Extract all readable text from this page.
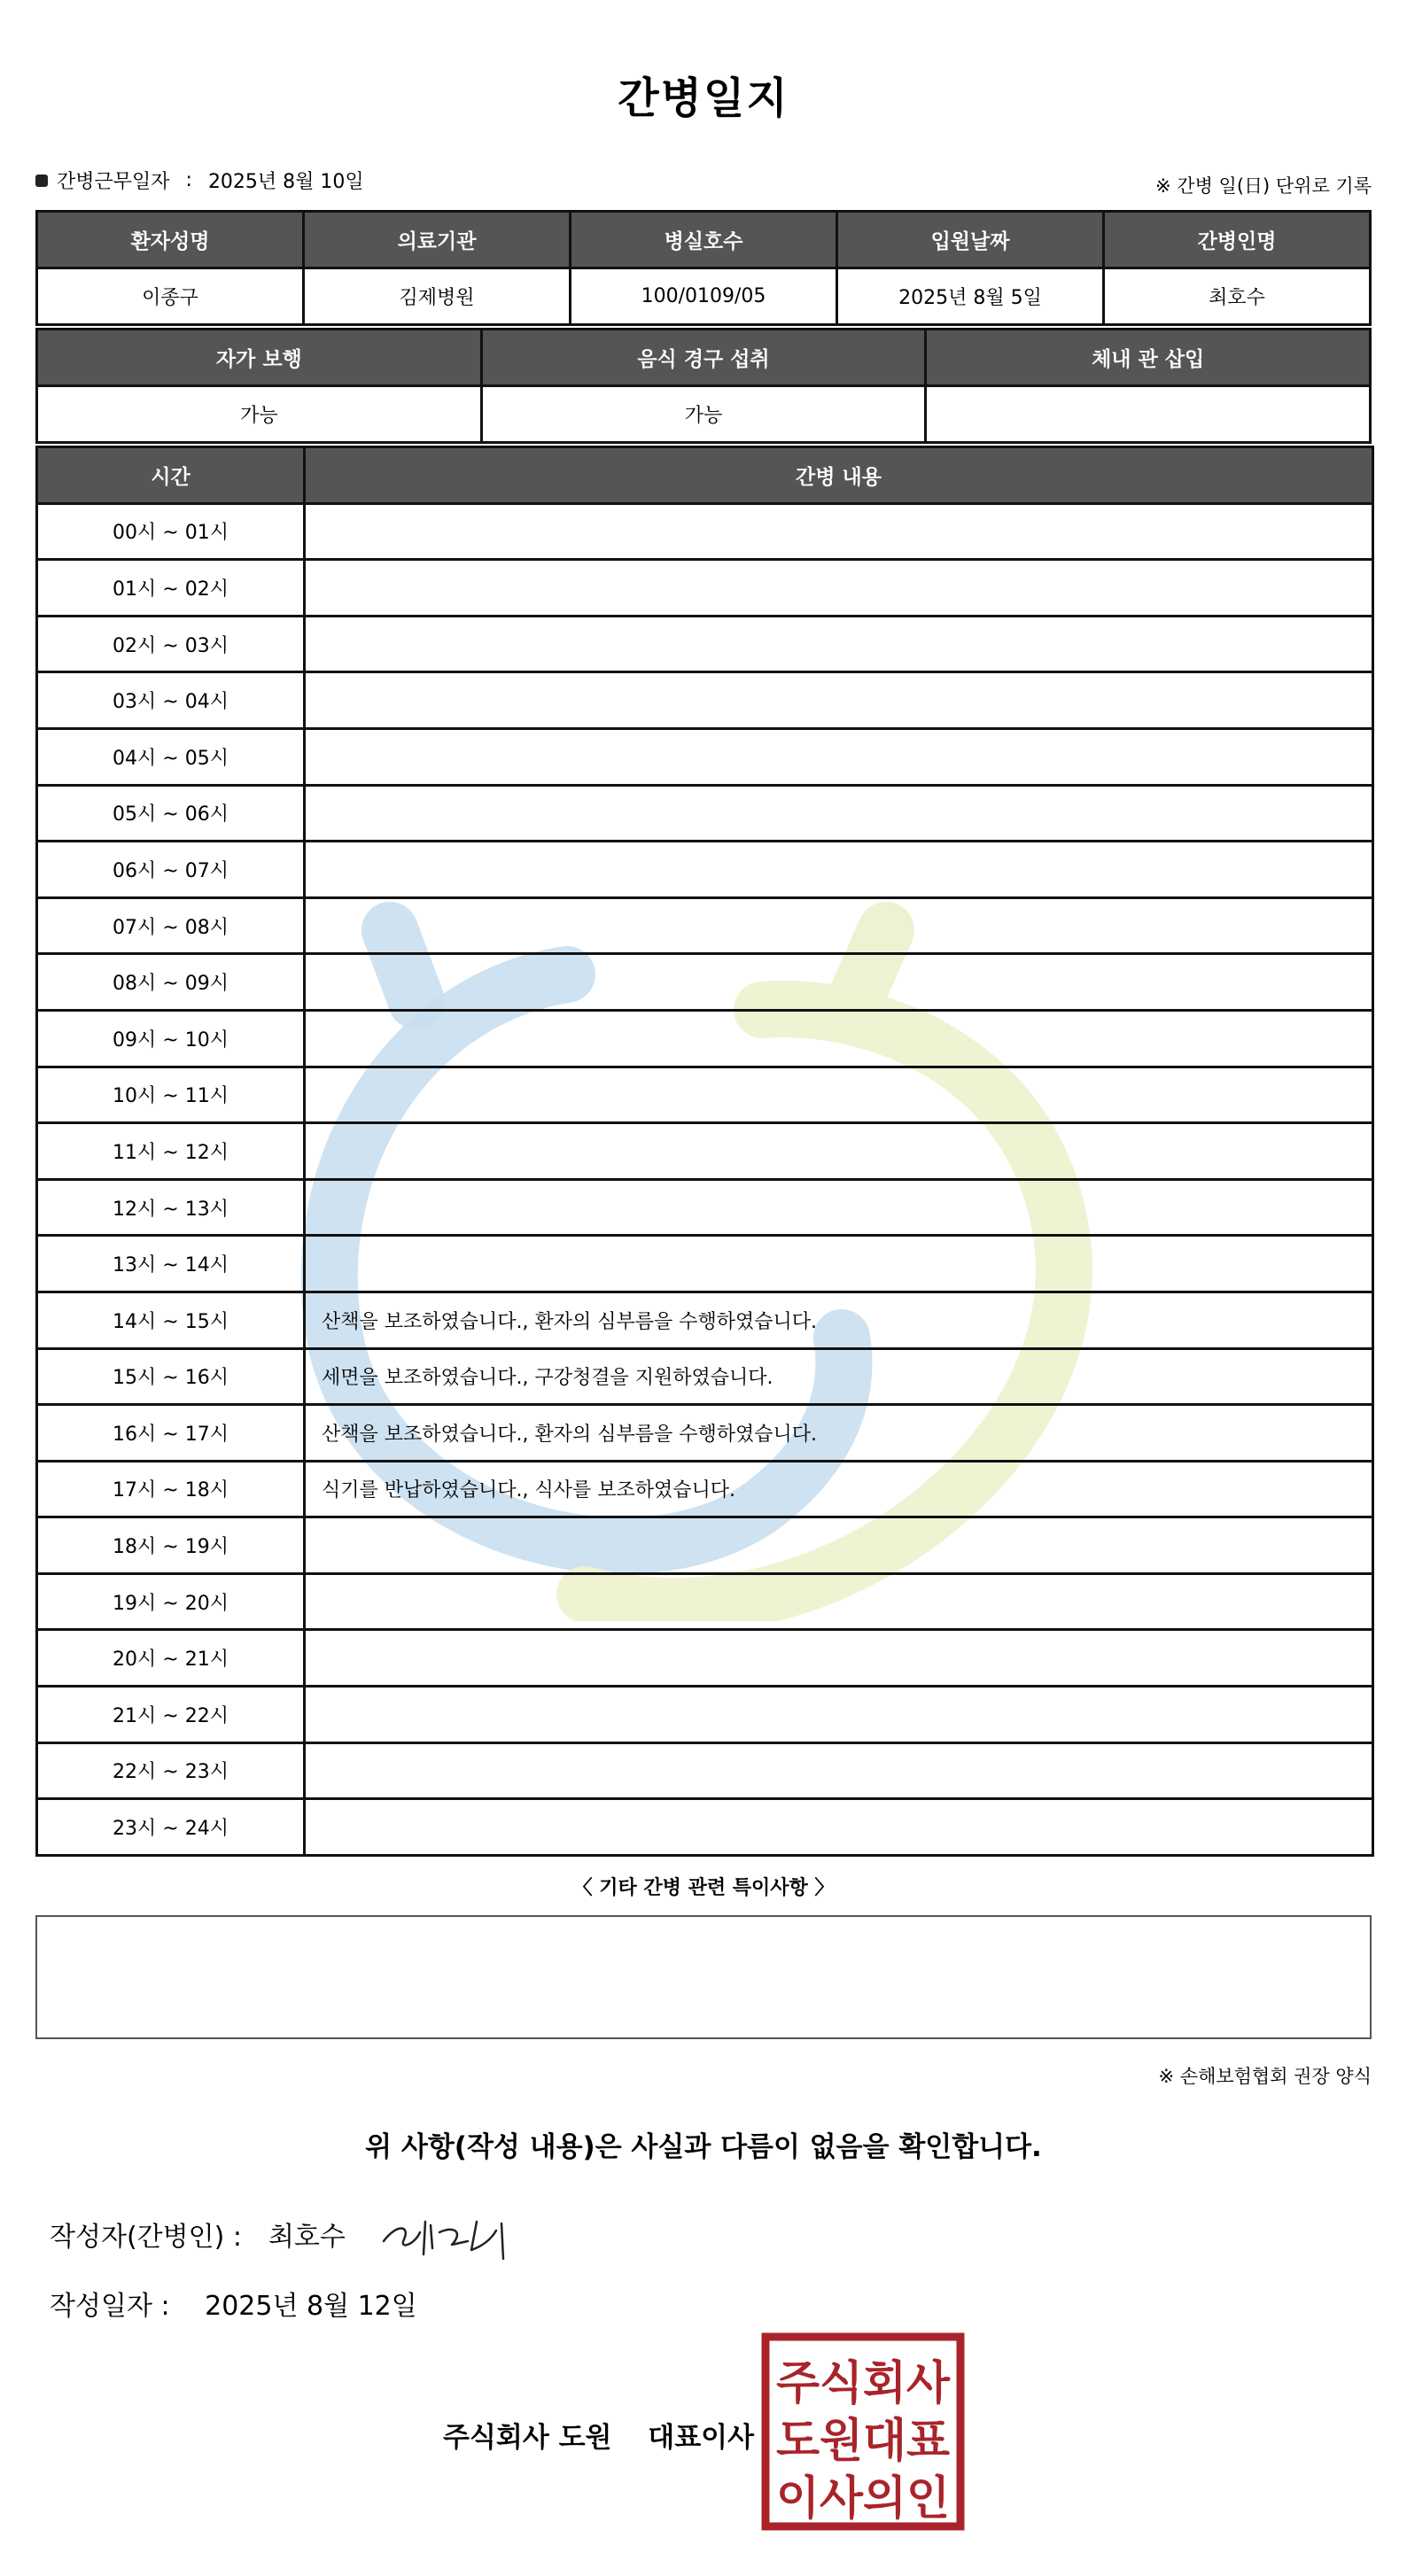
간병일지
간병근무일자 : 2025년 8월 10일	※ 간병 일(日) 단위로 기록
환자성명	의료기관	병실호수	입원날짜	간병인명
이종구	김제병원	100/0109/05	2025년 8월 5일	최호수
자가 보행	음식 경구 섭취	체내 관 삽입
가능	가능	
시간	간병 내용
00시 ~ 01시	
01시 ~ 02시	
02시 ~ 03시	
03시 ~ 04시	
04시 ~ 05시	
05시 ~ 06시	
06시 ~ 07시	
07시 ~ 08시	
08시 ~ 09시	
09시 ~ 10시	
10시 ~ 11시	
11시 ~ 12시	
12시 ~ 13시	
13시 ~ 14시	
14시 ~ 15시	산책을 보조하였습니다., 환자의 심부름을 수행하였습니다.
15시 ~ 16시	세면을 보조하였습니다., 구강청결을 지원하였습니다.
16시 ~ 17시	산책을 보조하였습니다., 환자의 심부름을 수행하였습니다.
17시 ~ 18시	식기를 반납하였습니다., 식사를 보조하였습니다.
18시 ~ 19시	
19시 ~ 20시	
20시 ~ 21시	
21시 ~ 22시	
22시 ~ 23시	
23시 ~ 24시	
〈 기타 간병 관련 특이사항 〉
※ 손해보험협회 권장 양식
위 사항(작성 내용)은 사실과 다름이 없음을 확인합니다.
작성자(간병인) : 최호수
작성일자 : 2025년 8월 12일
주식회사 도원 대표이사
주식회사
도원대표
이사의인
